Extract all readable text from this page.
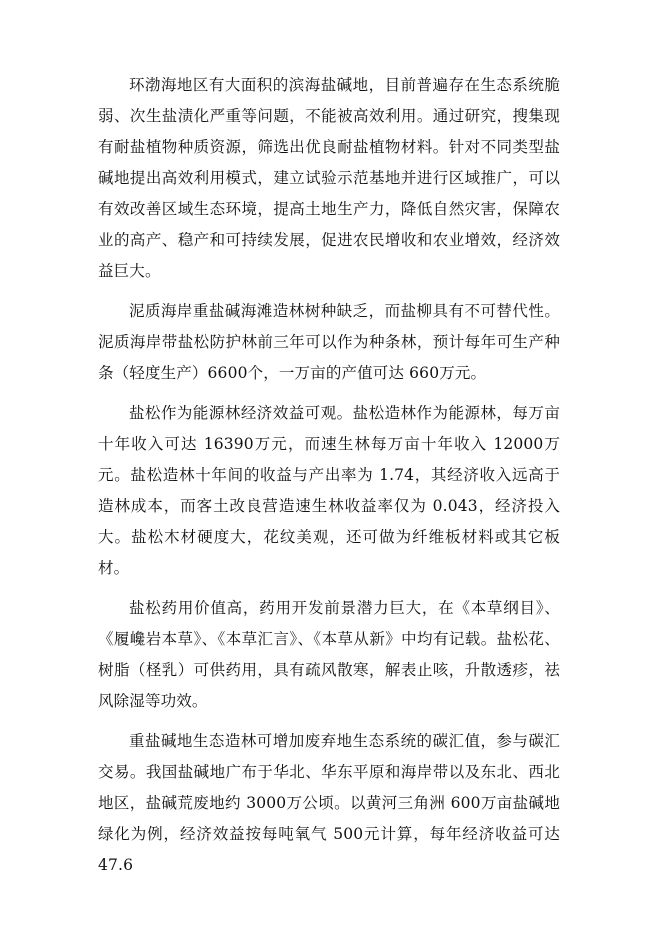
环渤海地区有大面积的滨海盐碱地，目前普遍存在生态系统脆弱、次生盐渍化严重等问题，不能被高效利用。通过研究，搜集现有耐盐植物种质资源，筛选出优良耐盐植物材料。针对不同类型盐碱地提出高效利用模式，建立试验示范基地并进行区域推广，可以有效改善区域生态环境，提高土地生产力，降低自然灾害，保障农业的高产、稳产和可持续发展，促进农民增收和农业增效，经济效益巨大。

泥质海岸重盐碱海滩造林树种缺乏，而盐柳具有不可替代性。泥质海岸带盐松防护林前三年可以作为种条林，预计每年可生产种条（轻度生产）6600个，一万亩的产值可达 660万元。

盐松作为能源林经济效益可观。盐松造林作为能源林，每万亩十年收入可达 16390万元，而速生林每万亩十年收入 12000万元。盐松造林十年间的收益与产出率为 1.74，其经济收入远高于造林成本，而客土改良营造速生林收益率仅为 0.043，经济投入大。盐松木材硬度大，花纹美观，还可做为纤维板材料或其它板材。

盐松药用价值高，药用开发前景潜力巨大，在《本草纲目》、《履巉岩本草》、《本草汇言》、《本草从新》中均有记载。盐松花、树脂（柽乳）可供药用，具有疏风散寒，解表止咳，升散透疹，祛风除湿等功效。

重盐碱地生态造林可增加废弃地生态系统的碳汇值，参与碳汇交易。我国盐碱地广布于华北、华东平原和海岸带以及东北、西北地区，盐碱荒废地约 3000万公顷。以黄河三角洲 600万亩盐碱地绿化为例，经济效益按每吨氧气 500元计算，每年经济收益可达 47.6
